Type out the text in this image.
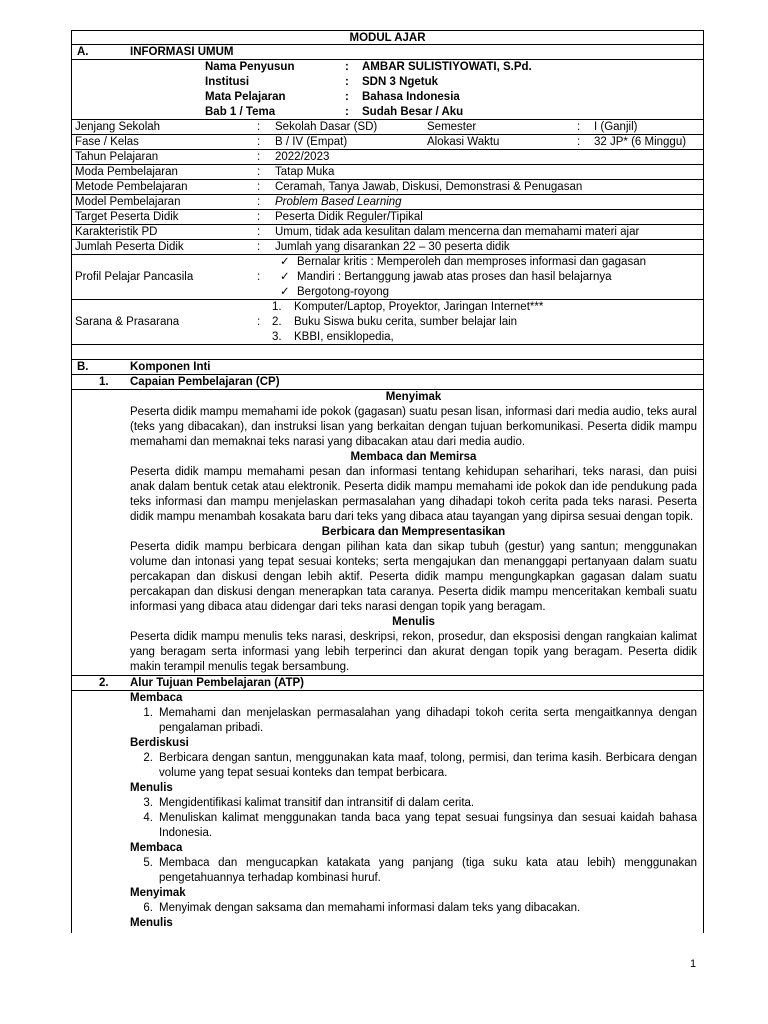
MODUL AJAR
A.	INFORMASI UMUM
Nama Penyusun	: AMBAR SULISTIYOWATI, S.Pd.
Institusi	: SDN 3 Ngetuk
Mata Pelajaran	: Bahasa Indonesia
Bab 1 / Tema	: Sudah Besar / Aku
Jenjang Sekolah	: Sekolah Dasar (SD)	Semester	: I (Ganjil)
Fase / Kelas	: B / IV (Empat)	Alokasi Waktu	: 32 JP* (6 Minggu)
Tahun Pelajaran	: 2022/2023
Moda Pembelajaran	: Tatap Muka
Metode Pembelajaran	: Ceramah, Tanya Jawab, Diskusi, Demonstrasi & Penugasan
Model Pembelajaran	: Problem Based Learning
Target Peserta Didik	: Peserta Didik Reguler/Tipikal
Karakteristik PD	: Umum, tidak ada kesulitan dalam mencerna dan memahami materi ajar
Jumlah Peserta Didik	: Jumlah yang disarankan 22 – 30 peserta didik
Profil Pelajar Pancasila	:
✓ Bernalar kritis : Memperoleh dan memproses informasi dan gagasan
✓ Mandiri : Bertanggung jawab atas proses dan hasil belajarnya
✓ Bergotong-royong
Sarana & Prasarana	:
1. Komputer/Laptop, Proyektor, Jaringan Internet***
2. Buku Siswa buku cerita, sumber belajar lain
3. KBBI, ensiklopedia,
B.	Komponen Inti
1. Capaian Pembelajaran (CP)
Menyimak
Peserta didik mampu memahami ide pokok (gagasan) suatu pesan lisan, informasi dari media audio, teks aural (teks yang dibacakan), dan instruksi lisan yang berkaitan dengan tujuan berkomunikasi. Peserta didik mampu memahami dan memaknai teks narasi yang dibacakan atau dari media audio.
Membaca dan Memirsa
Peserta didik mampu memahami pesan dan informasi tentang kehidupan seharihari, teks narasi, dan puisi anak dalam bentuk cetak atau elektronik. Peserta didik mampu memahami ide pokok dan ide pendukung pada teks informasi dan mampu menjelaskan permasalahan yang dihadapi tokoh cerita pada teks narasi. Peserta didik mampu menambah kosakata baru dari teks yang dibaca atau tayangan yang dipirsa sesuai dengan topik.
Berbicara dan Mempresentasikan
Peserta didik mampu berbicara dengan pilihan kata dan sikap tubuh (gestur) yang santun; menggunakan volume dan intonasi yang tepat sesuai konteks; serta mengajukan dan menanggapi pertanyaan dalam suatu percakapan dan diskusi dengan lebih aktif. Peserta didik mampu mengungkapkan gagasan dalam suatu percakapan dan diskusi dengan menerapkan tata caranya. Peserta didik mampu menceritakan kembali suatu informasi yang dibaca atau didengar dari teks narasi dengan topik yang beragam.
Menulis
Peserta didik mampu menulis teks narasi, deskripsi, rekon, prosedur, dan eksposisi dengan rangkaian kalimat yang beragam serta informasi yang lebih terperinci dan akurat dengan topik yang beragam. Peserta didik makin terampil menulis tegak bersambung.
2. Alur Tujuan Pembelajaran (ATP)
Membaca
1. Memahami dan menjelaskan permasalahan yang dihadapi tokoh cerita serta mengaitkannya dengan pengalaman pribadi.
Berdiskusi
2. Berbicara dengan santun, menggunakan kata maaf, tolong, permisi, dan terima kasih. Berbicara dengan volume yang tepat sesuai konteks dan tempat berbicara.
Menulis
3. Mengidentifikasi kalimat transitif dan intransitif di dalam cerita.
4. Menuliskan kalimat menggunakan tanda baca yang tepat sesuai fungsinya dan sesuai kaidah bahasa Indonesia.
Membaca
5. Membaca dan mengucapkan katakata yang panjang (tiga suku kata atau lebih) menggunakan pengetahuannya terhadap kombinasi huruf.
Menyimak
6. Menyimak dengan saksama dan memahami informasi dalam teks yang dibacakan.
Menulis
1
